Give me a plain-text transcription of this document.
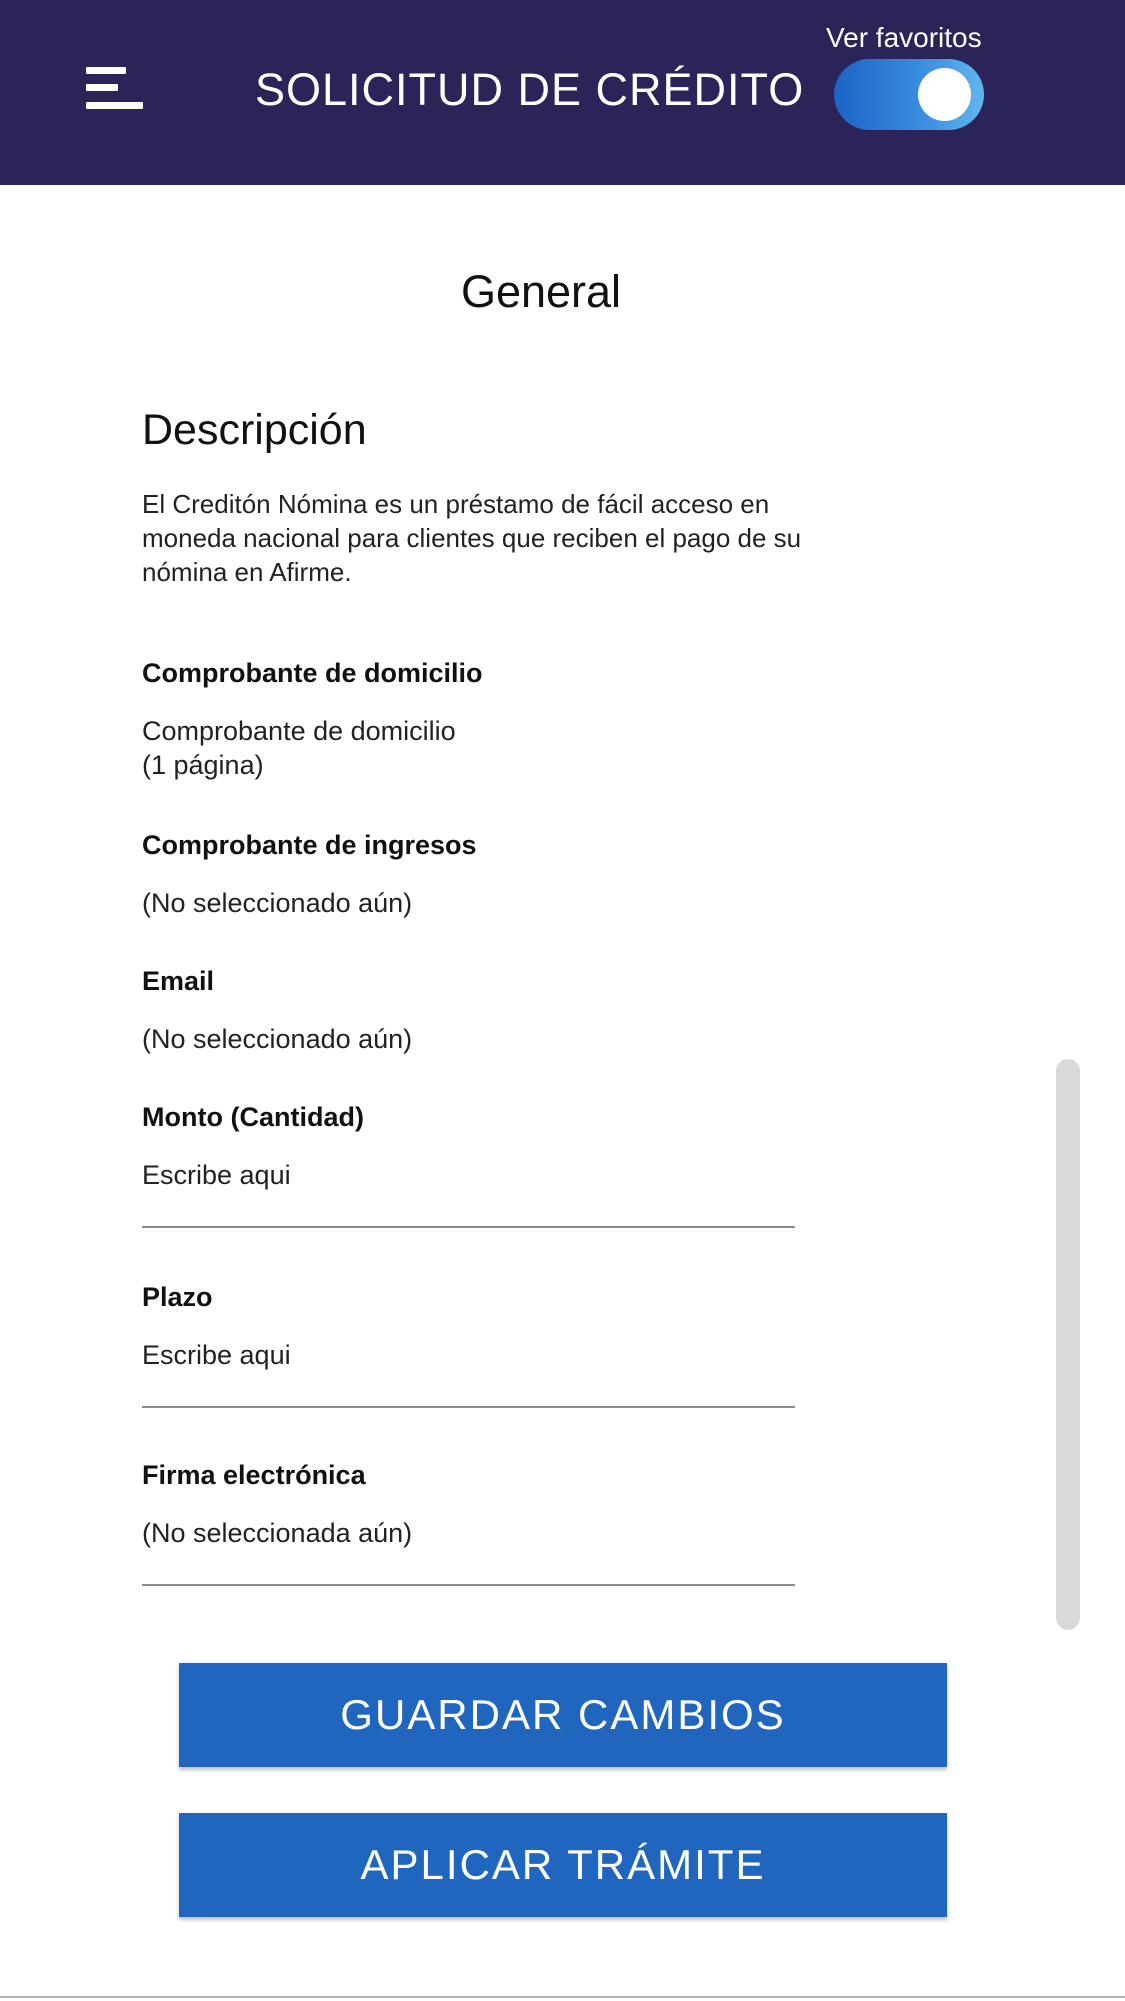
SOLICITUD DE CRÉDITO
Ver favoritos
General
Descripción
El Creditón Nómina es un préstamo de fácil acceso en
moneda nacional para clientes que reciben el pago de su
nómina en Afirme.
Comprobante de domicilio
Comprobante de domicilio
(1 página)
Comprobante de ingresos
(No seleccionado aún)
Email
(No seleccionado aún)
Monto (Cantidad)
Escribe aqui
Plazo
Escribe aqui
Firma electrónica
(No seleccionada aún)
GUARDAR CAMBIOS
APLICAR TRÁMITE
